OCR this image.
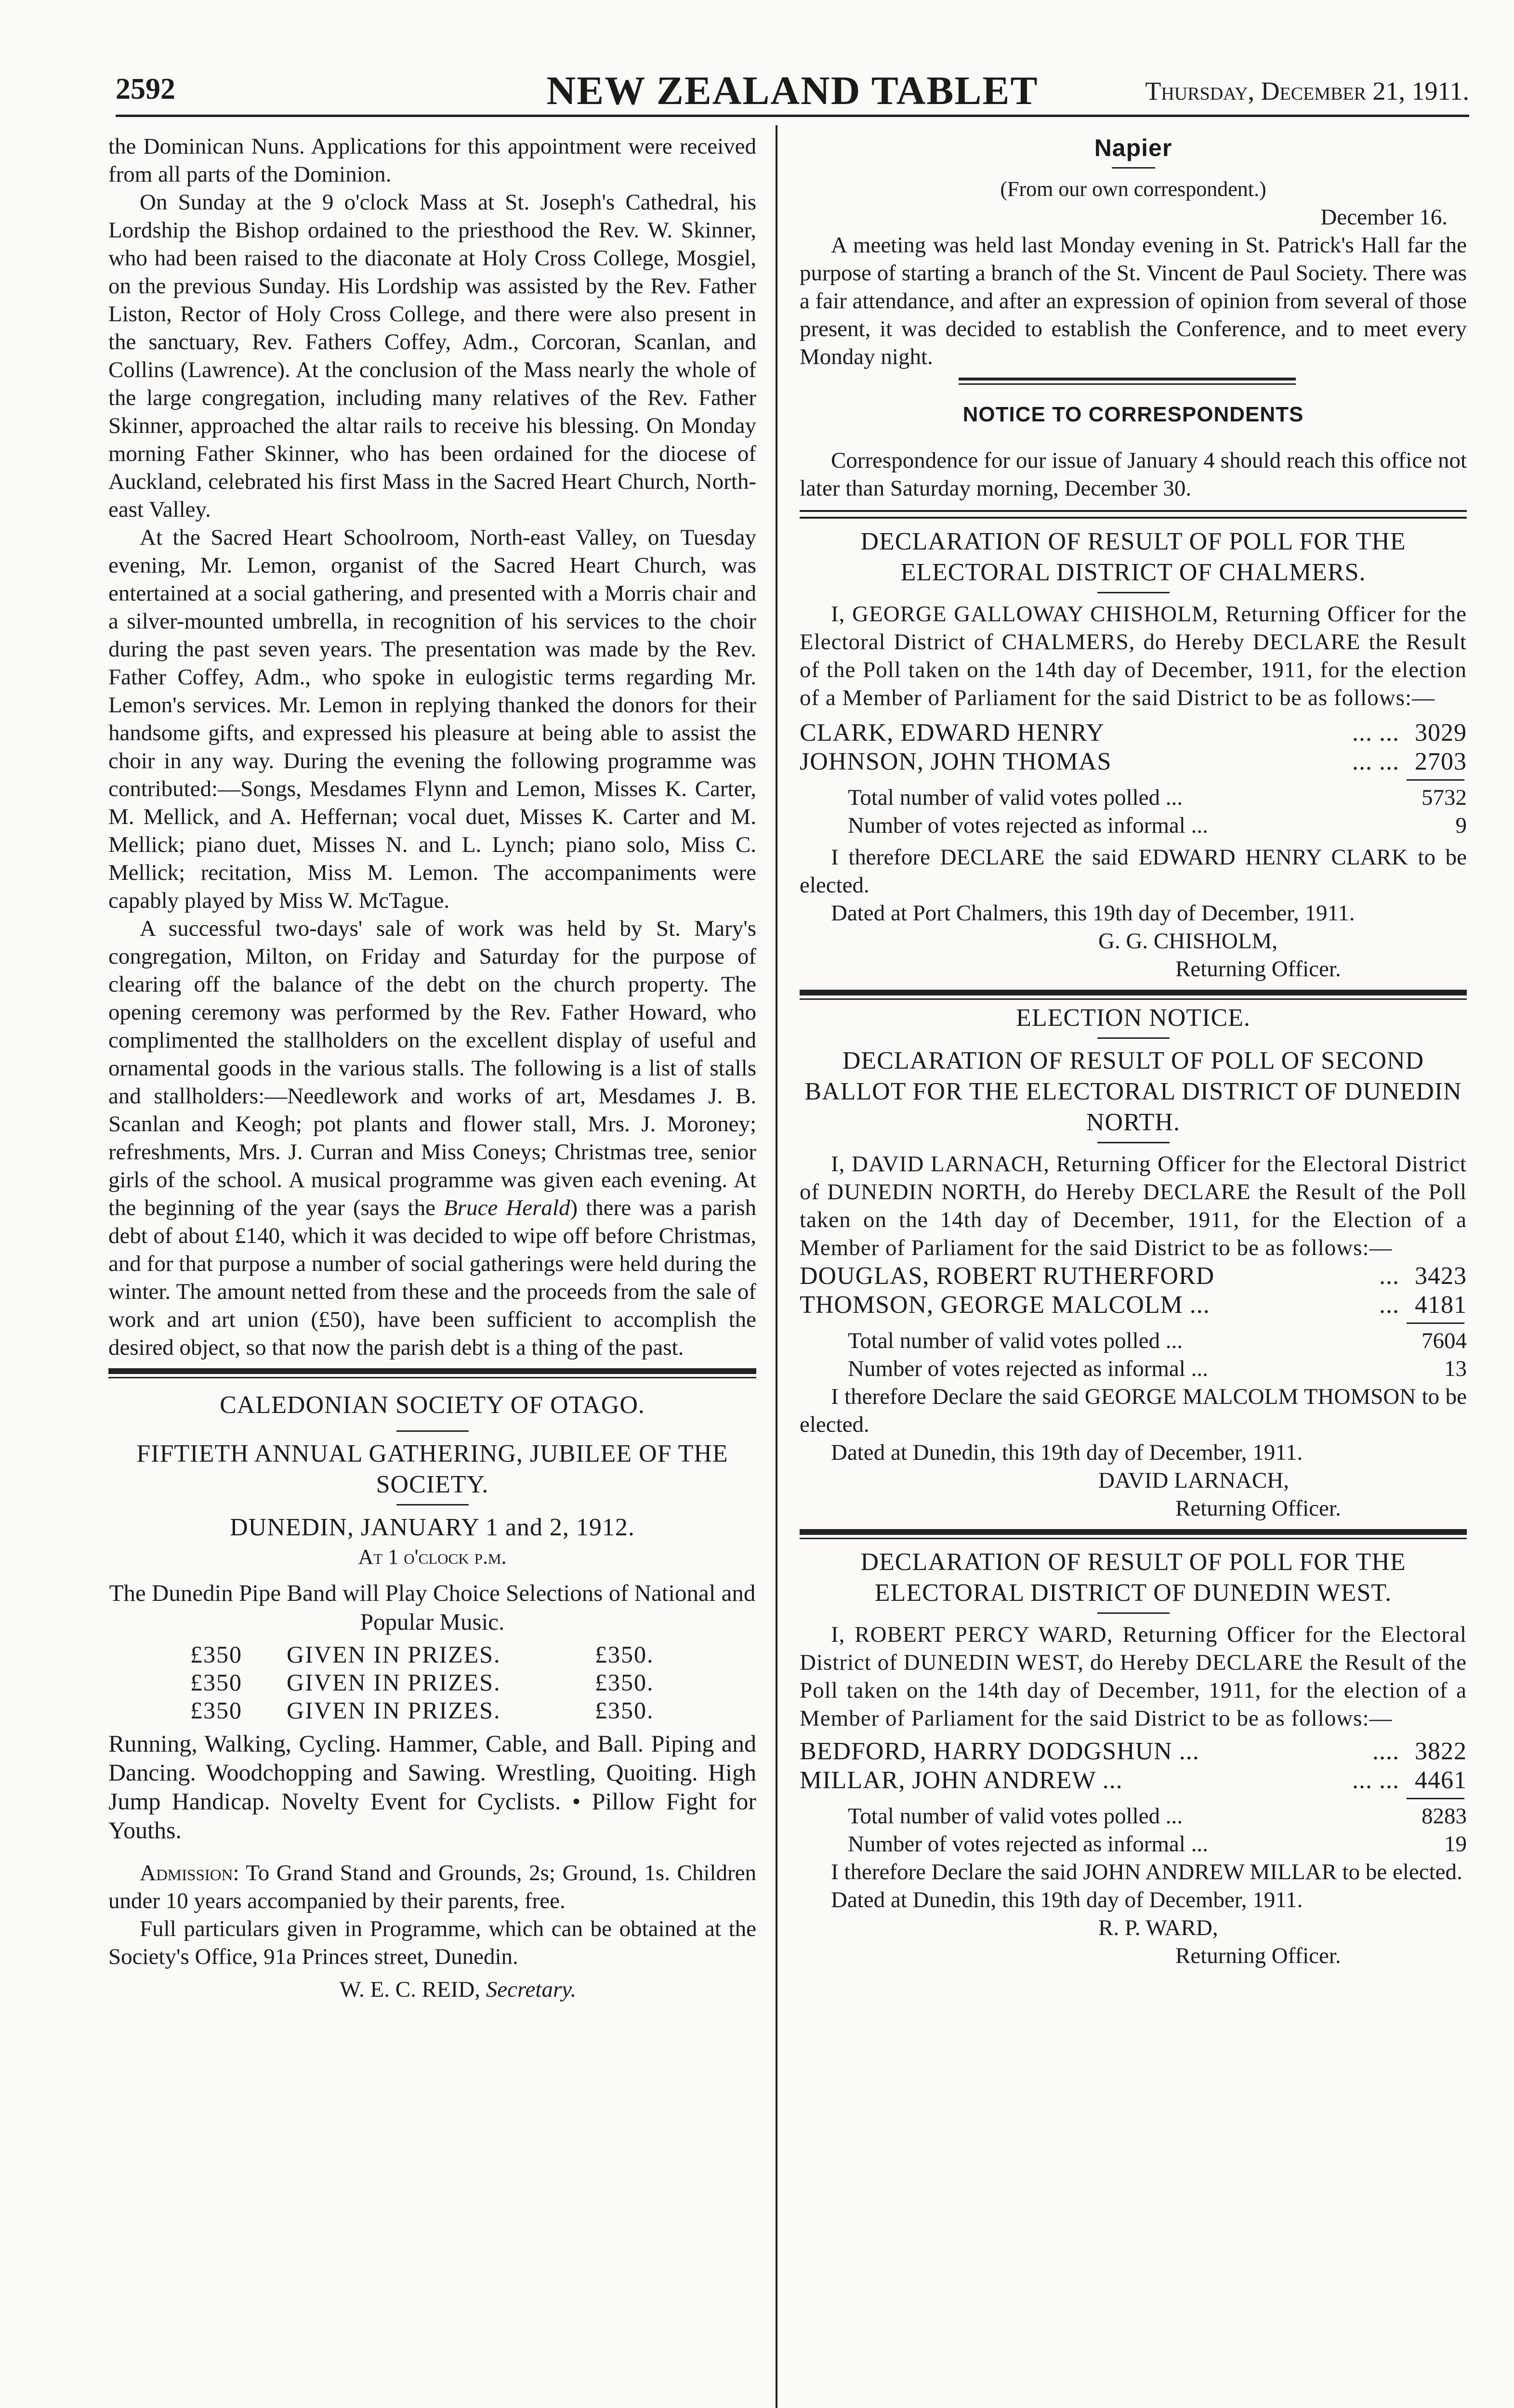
2592	NEW ZEALAND TABLET	Thursday, December 21, 1911.

the Dominican Nuns. Applications for this appointment were received from all parts of the Dominion.

On Sunday at the 9 o'clock Mass at St. Joseph's Cathedral, his Lordship the Bishop ordained to the priesthood the Rev. W. Skinner, who had been raised to the diaconate at Holy Cross College, Mosgiel, on the previous Sunday. His Lordship was assisted by the Rev. Father Liston, Rector of Holy Cross College, and there were also present in the sanctuary, Rev. Fathers Coffey, Adm., Corcoran, Scanlan, and Collins (Lawrence). At the conclusion of the Mass nearly the whole of the large congregation, including many relatives of the Rev. Father Skinner, approached the altar rails to receive his blessing. On Monday morning Father Skinner, who has been ordained for the diocese of Auckland, celebrated his first Mass in the Sacred Heart Church, North-east Valley.

At the Sacred Heart Schoolroom, North-east Valley, on Tuesday evening, Mr. Lemon, organist of the Sacred Heart Church, was entertained at a social gathering, and presented with a Morris chair and a silver-mounted umbrella, in recognition of his services to the choir during the past seven years. The presentation was made by the Rev. Father Coffey, Adm., who spoke in eulogistic terms regarding Mr. Lemon's services. Mr. Lemon in replying thanked the donors for their handsome gifts, and expressed his pleasure at being able to assist the choir in any way. During the evening the following programme was contributed:—Songs, Mesdames Flynn and Lemon, Misses K. Carter, M. Mellick, and A. Heffernan; vocal duet, Misses K. Carter and M. Mellick; piano duet, Misses N. and L. Lynch; piano solo, Miss C. Mellick; recitation, Miss M. Lemon. The accompaniments were capably played by Miss W. McTague.

A successful two-days' sale of work was held by St. Mary's congregation, Milton, on Friday and Saturday for the purpose of clearing off the balance of the debt on the church property. The opening ceremony was performed by the Rev. Father Howard, who complimented the stallholders on the excellent display of useful and ornamental goods in the various stalls. The following is a list of stalls and stallholders:—Needlework and works of art, Mesdames J. B. Scanlan and Keogh; pot plants and flower stall, Mrs. J. Moroney; refreshments, Mrs. J. Curran and Miss Coneys; Christmas tree, senior girls of the school. A musical programme was given each evening. At the beginning of the year (says the Bruce Herald) there was a parish debt of about £140, which it was decided to wipe off before Christmas, and for that purpose a number of social gatherings were held during the winter. The amount netted from these and the proceeds from the sale of work and art union (£50), have been sufficient to accomplish the desired object, so that now the parish debt is a thing of the past.

CALEDONIAN SOCIETY OF OTAGO.
FIFTIETH ANNUAL GATHERING, JUBILEE OF THE SOCIETY.
DUNEDIN, JANUARY 1 and 2, 1912.
At 1 o'clock p.m.

The Dunedin Pipe Band will Play Choice Selections of National and Popular Music.

£350	GIVEN IN PRIZES.	£350.
£350	GIVEN IN PRIZES.	£350.
£350	GIVEN IN PRIZES.	£350.

Running, Walking, Cycling. Hammer, Cable, and Ball. Piping and Dancing. Woodchopping and Sawing. Wrestling, Quoiting. High Jump Handicap. Novelty Event for Cyclists. • Pillow Fight for Youths.

Admission: To Grand Stand and Grounds, 2s; Ground, 1s. Children under 10 years accompanied by their parents, free.

Full particulars given in Programme, which can be obtained at the Society's Office, 91a Princes street, Dunedin.

W. E. C. REID, Secretary.

Napier
(From our own correspondent.)
December 16.

A meeting was held last Monday evening in St. Patrick's Hall far the purpose of starting a branch of the St. Vincent de Paul Society. There was a fair attendance, and after an expression of opinion from several of those present, it was decided to establish the Conference, and to meet every Monday night.

NOTICE TO CORRESPONDENTS

Correspondence for our issue of January 4 should reach this office not later than Saturday morning, December 30.

DECLARATION OF RESULT OF POLL FOR THE ELECTORAL DISTRICT OF CHALMERS.

I, GEORGE GALLOWAY CHISHOLM, Returning Officer for the Electoral District of CHALMERS, do Hereby DECLARE the Result of the Poll taken on the 14th day of December, 1911, for the election of a Member of Parliament for the said District to be as follows:—

CLARK, EDWARD HENRY	... ... 3029
JOHNSON, JOHN THOMAS	... ... 2703
Total number of valid votes polled ...	5732
Number of votes rejected as informal ...	9

I therefore DECLARE the said EDWARD HENRY CLARK to be elected.

Dated at Port Chalmers, this 19th day of December, 1911.

G. G. CHISHOLM,
Returning Officer.
ELECTION NOTICE.
DECLARATION OF RESULT OF POLL OF SECOND BALLOT FOR THE ELECTORAL DISTRICT OF DUNEDIN NORTH.

I, DAVID LARNACH, Returning Officer for the Electoral District of DUNEDIN NORTH, do Hereby DECLARE the Result of the Poll taken on the 14th day of December, 1911, for the Election of a Member of Parliament for the said District to be as follows:—

DOUGLAS, ROBERT RUTHERFORD	... 3423
THOMSON, GEORGE MALCOLM ...	... 4181
Total number of valid votes polled ...	7604
Number of votes rejected as informal ...	13

I therefore Declare the said GEORGE MALCOLM THOMSON to be elected.

Dated at Dunedin, this 19th day of December, 1911.

DAVID LARNACH,
Returning Officer.
DECLARATION OF RESULT OF POLL FOR THE ELECTORAL DISTRICT OF DUNEDIN WEST.

I, ROBERT PERCY WARD, Returning Officer for the Electoral District of DUNEDIN WEST, do Hereby DECLARE the Result of the Poll taken on the 14th day of December, 1911, for the election of a Member of Parliament for the said District to be as follows:—

BEDFORD, HARRY DODGSHUN ...	.... 3822
MILLAR, JOHN ANDREW ...	... ... 4461
Total number of valid votes polled ...	8283
Number of votes rejected as informal ...	19

I therefore Declare the said JOHN ANDREW MILLAR to be elected.

Dated at Dunedin, this 19th day of December, 1911.

R. P. WARD,
Returning Officer.
